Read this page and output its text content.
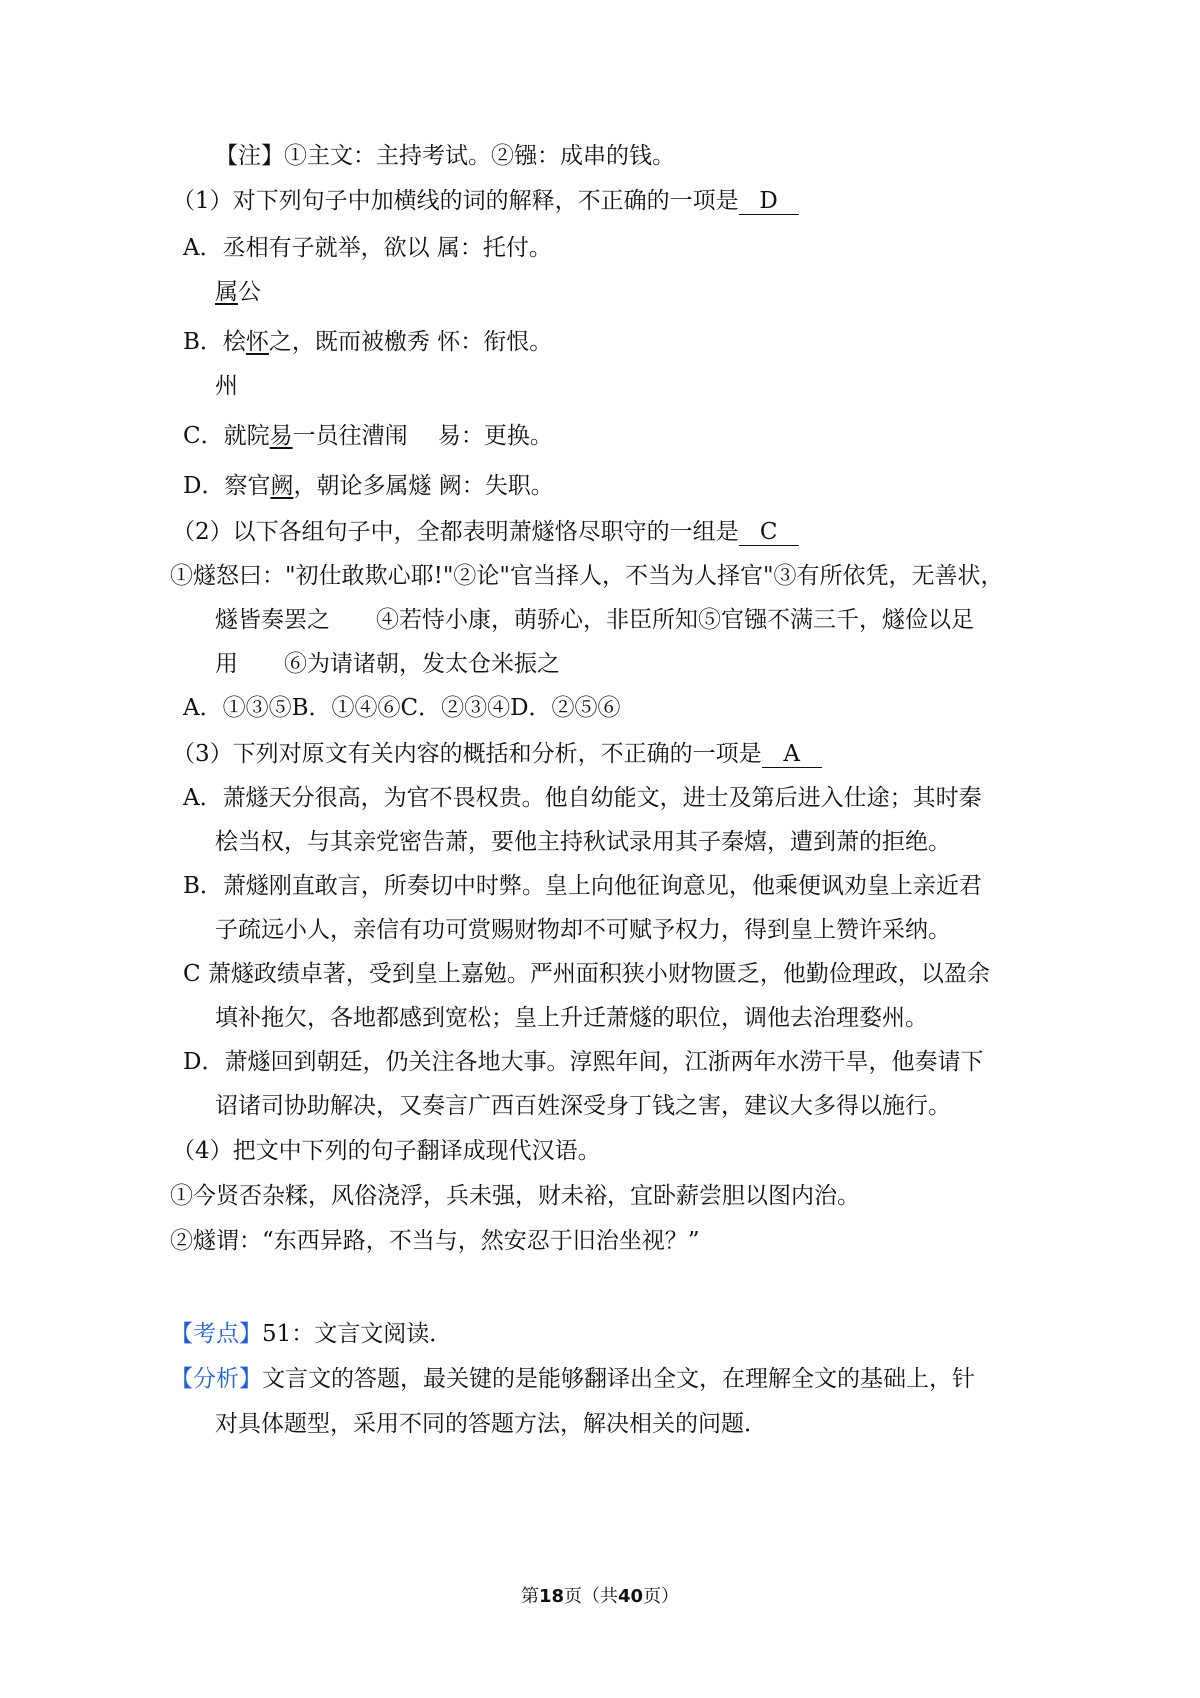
【注】①主文：主持考试。②镪：成串的钱。
（1）对下列句子中加横线的词的解释，不正确的一项是 D
A．丞相有子就举，欲以 属：托付。
属公
B．桧怀之，既而被檄秀 怀：衔恨。
州
C．就院易一员往漕闱　 易：更换。
D．察官阙，朝论多属燧 阙：失职。
（2）以下各组句子中，全都表明萧燧恪尽职守的一组是 C
①燧怒曰："初仕敢欺心耶!"②论"官当择人，不当为人择官"③有所依凭，无善状，
燧皆奏罢之　　④若恃小康，萌骄心，非臣所知⑤官镪不满三千，燧俭以足
用　　⑥为请诸朝，发太仓米振之
A．①③⑤B．①④⑥C．②③④D．②⑤⑥
（3）下列对原文有关内容的概括和分析，不正确的一项是 A
A．萧燧天分很高，为官不畏权贵。他自幼能文，进士及第后进入仕途；其时秦
桧当权，与其亲党密告萧，要他主持秋试录用其子秦熺，遭到萧的拒绝。
B．萧燧刚直敢言，所奏切中时弊。皇上向他征询意见，他乘便讽劝皇上亲近君
子疏远小人，亲信有功可赏赐财物却不可赋予权力，得到皇上赞许采纳。
C 萧燧政绩卓著，受到皇上嘉勉。严州面积狭小财物匮乏，他勤俭理政，以盈余
填补拖欠，各地都感到宽松；皇上升迁萧燧的职位，调他去治理婺州。
D．萧燧回到朝廷，仍关注各地大事。淳熙年间，江浙两年水涝干旱，他奏请下
诏诸司协助解决，又奏言广西百姓深受身丁钱之害，建议大多得以施行。
（4）把文中下列的句子翻译成现代汉语。
①今贤否杂糅，风俗浇浮，兵未强，财未裕，宜卧薪尝胆以图内治。
②燧谓：“东西异路，不当与，然安忍于旧治坐视？”
【考点】51：文言文阅读．
【分析】文言文的答题，最关键的是能够翻译出全文，在理解全文的基础上，针
对具体题型，采用不同的答题方法，解决相关的问题．
第18页（共40页）
